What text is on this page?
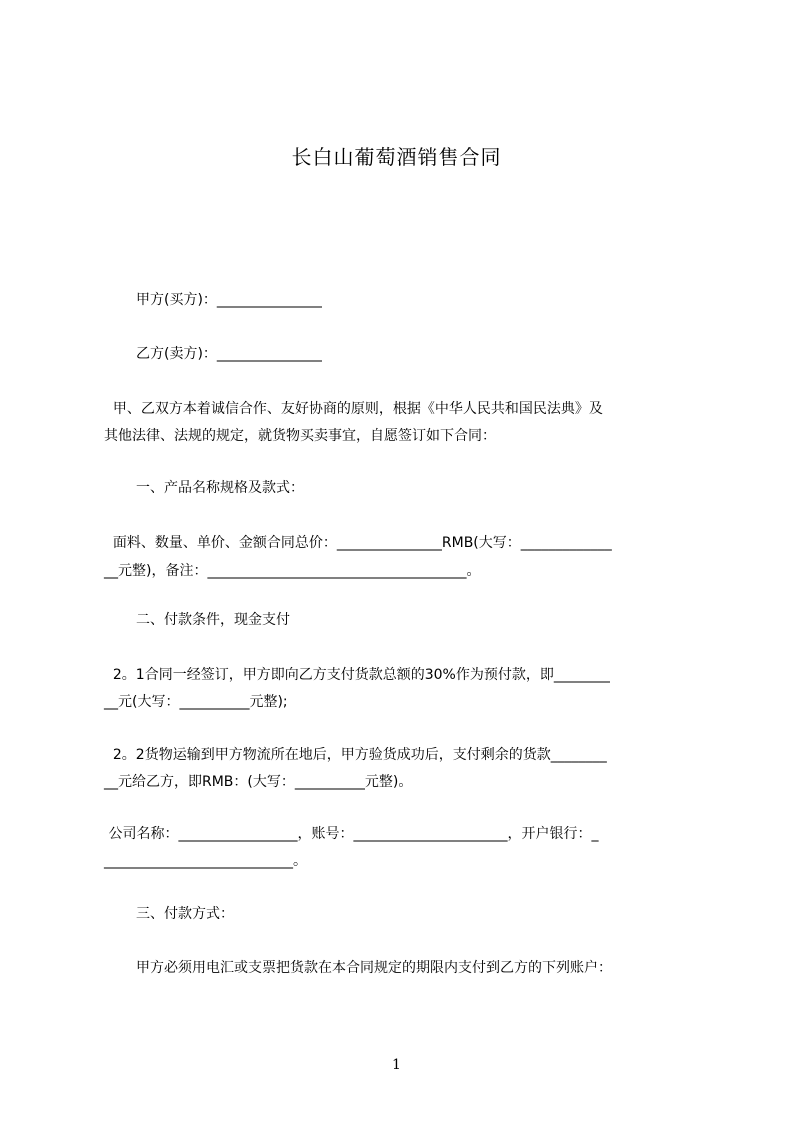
长白山葡萄酒销售合同
甲方(买方)：_______________
乙方(卖方)：_______________
甲、乙双方本着诚信合作、友好协商的原则，根据《中华人民共和国民法典》及
其他法律、法规的规定，就货物买卖事宜，自愿签订如下合同：
一、产品名称规格及款式：
面料、数量、单价、金额合同总价：_______________RMB(大写：_____________
__元整)，备注：_____________________________________。
二、付款条件，现金支付
2。1合同一经签订，甲方即向乙方支付货款总额的30%作为预付款，即________
__元(大写：__________元整);
2。2货物运输到甲方物流所在地后，甲方验货成功后，支付剩余的货款________
__元给乙方，即RMB：(大写：__________元整)。
公司名称：_________________，账号：______________________，开户银行：_
___________________________。
三、付款方式：
甲方必须用电汇或支票把货款在本合同规定的期限内支付到乙方的下列账户：
1
